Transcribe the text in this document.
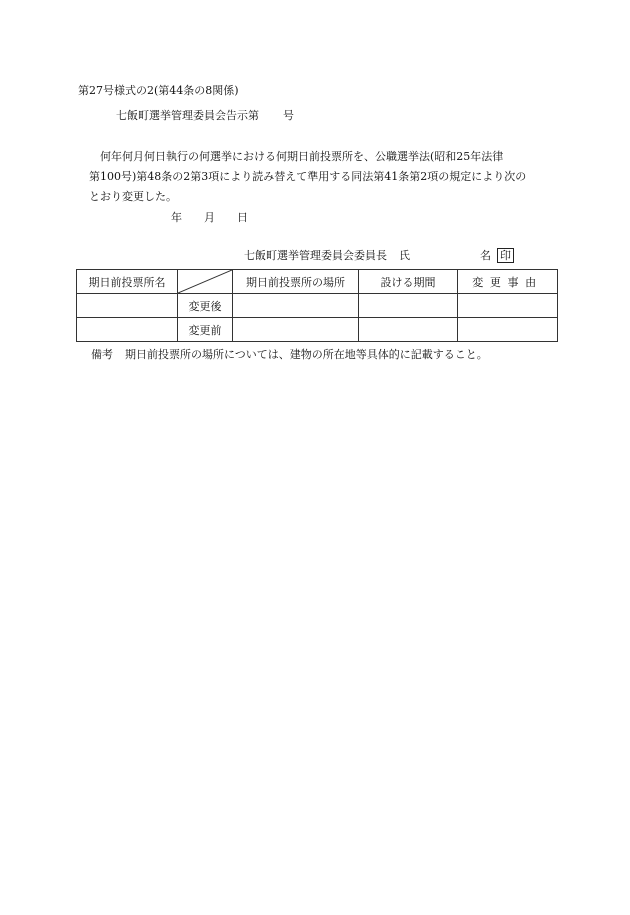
第27号様式の2(第44条の8関係)
七飯町選挙管理委員会告示第 号
何年何月何日執行の何選挙における何期日前投票所を、公職選挙法(昭和25年法律
第100号)第48条の2第3項により読み替えて準用する同法第41条第2項の規定により次の
とおり変更した。
年 月 日
七飯町選挙管理委員会委員長 氏	名 印
期日前投票所名		期日前投票所の場所	設ける期間	変更事由
	変更後			
	変更前			
備考 期日前投票所の場所については、建物の所在地等具体的に記載すること。
